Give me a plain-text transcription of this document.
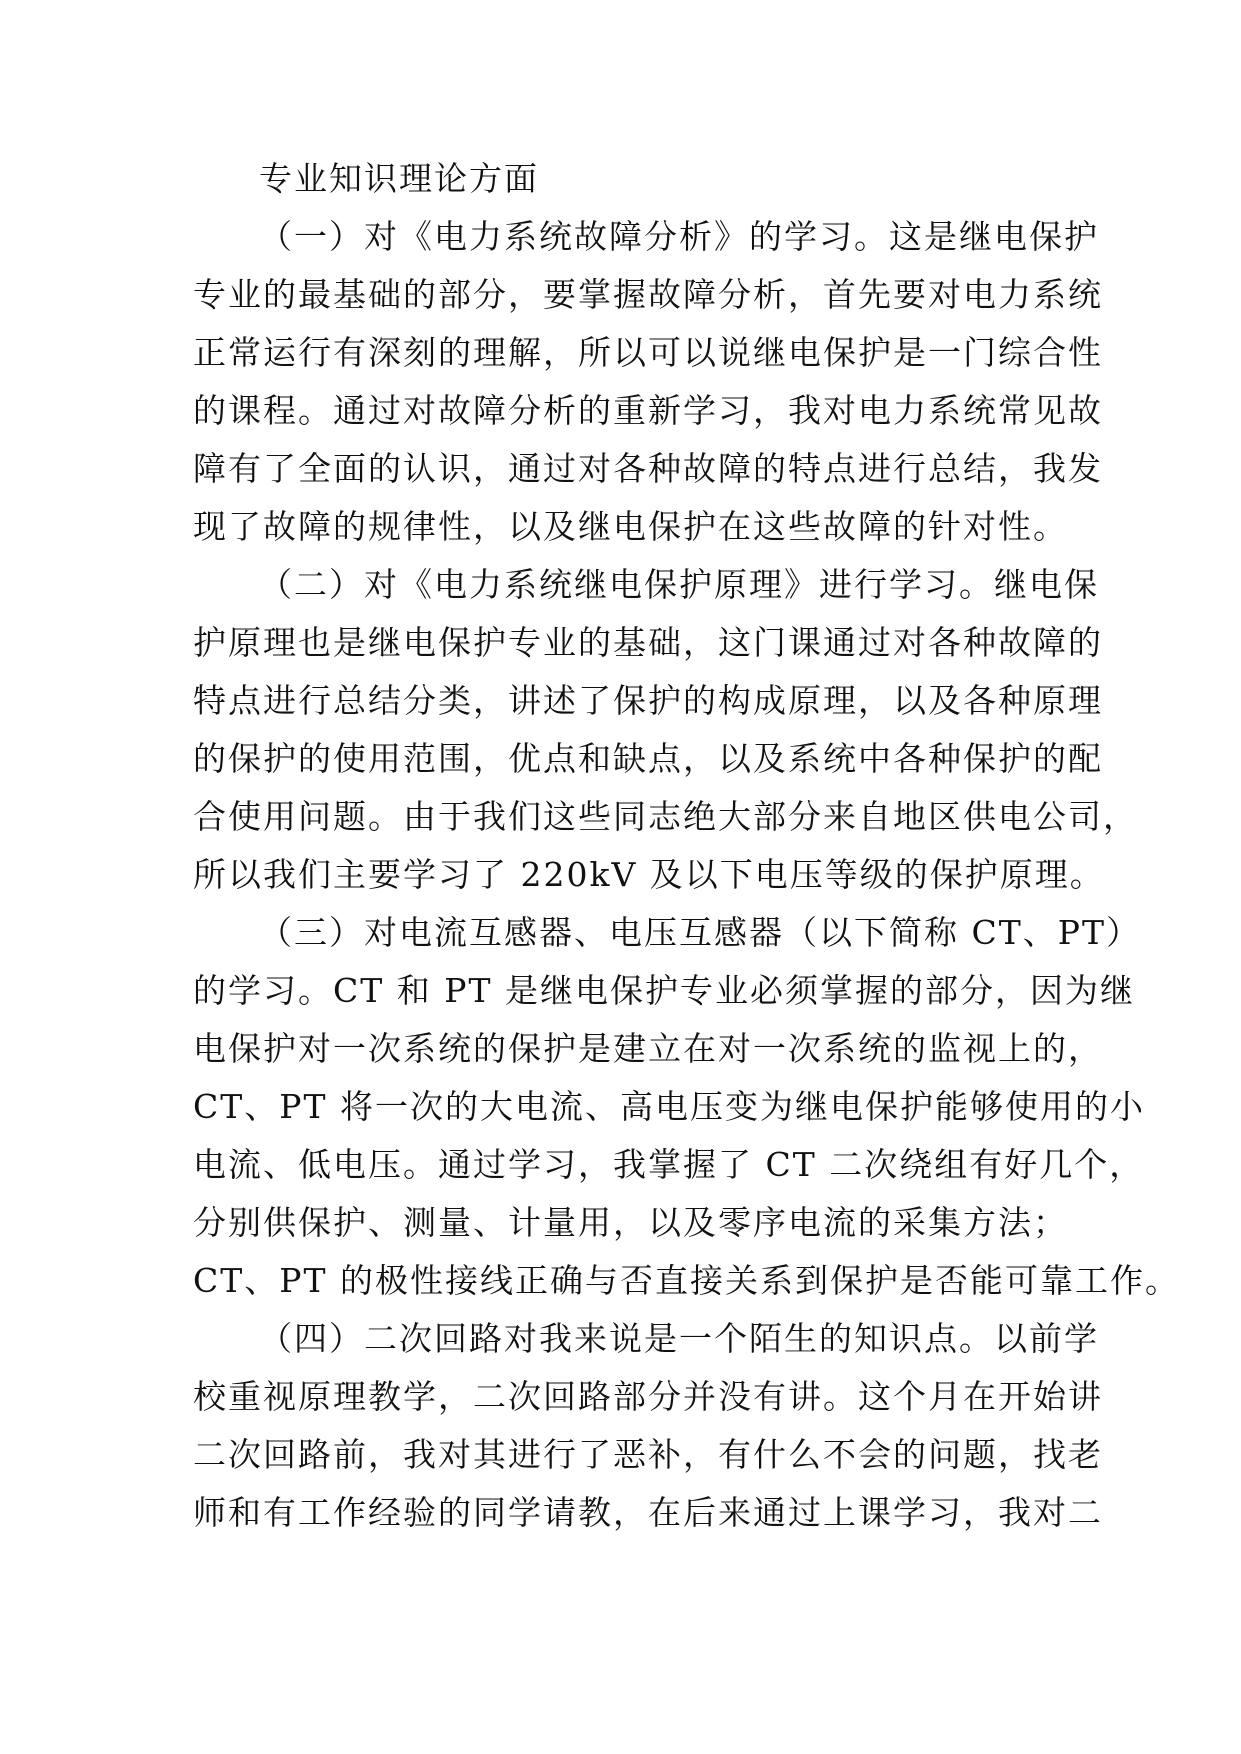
专业知识理论方面
（一）对《电力系统故障分析》的学习。这是继电保护
专业的最基础的部分，要掌握故障分析，首先要对电力系统
正常运行有深刻的理解，所以可以说继电保护是一门综合性
的课程。通过对故障分析的重新学习，我对电力系统常见故
障有了全面的认识，通过对各种故障的特点进行总结，我发
现了故障的规律性，以及继电保护在这些故障的针对性。
（二）对《电力系统继电保护原理》进行学习。继电保
护原理也是继电保护专业的基础，这门课通过对各种故障的
特点进行总结分类，讲述了保护的构成原理，以及各种原理
的保护的使用范围，优点和缺点，以及系统中各种保护的配
合使用问题。由于我们这些同志绝大部分来自地区供电公司，
所以我们主要学习了 220kV 及以下电压等级的保护原理。
（三）对电流互感器、电压互感器（以下简称 CT、PT）
的学习。CT 和 PT 是继电保护专业必须掌握的部分，因为继
电保护对一次系统的保护是建立在对一次系统的监视上的，
CT、PT 将一次的大电流、高电压变为继电保护能够使用的小
电流、低电压。通过学习，我掌握了 CT 二次绕组有好几个，
分别供保护、测量、计量用，以及零序电流的采集方法；
CT、PT 的极性接线正确与否直接关系到保护是否能可靠工作。
（四）二次回路对我来说是一个陌生的知识点。以前学
校重视原理教学，二次回路部分并没有讲。这个月在开始讲
二次回路前，我对其进行了恶补，有什么不会的问题，找老
师和有工作经验的同学请教，在后来通过上课学习，我对二
